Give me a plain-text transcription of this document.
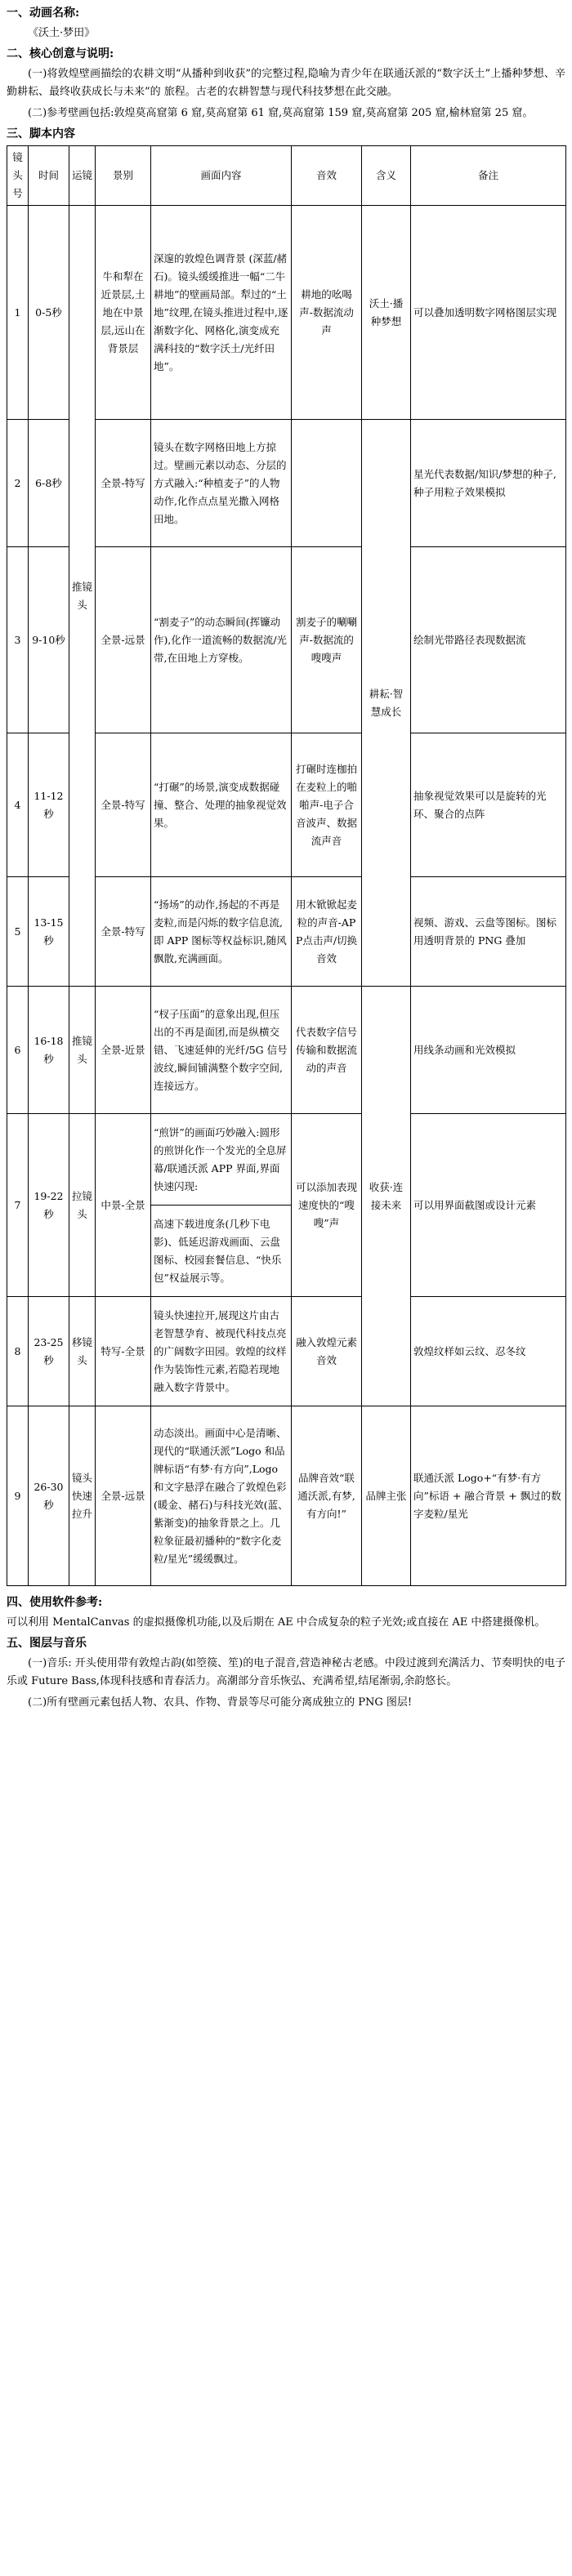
一、动画名称:

《沃土·梦田》

二、核心创意与说明:

(一)将敦煌壁画描绘的农耕文明“从播种到收获”的完整过程,隐喻为青少年在联通沃派的“数字沃土”上播种梦想、辛勤耕耘、最终收获成长与未来”的 旅程。古老的农耕智慧与现代科技梦想在此交融。

(二)参考壁画包括:敦煌莫高窟第 6 窟,莫高窟第 61 窟,莫高窟第 159 窟,莫高窟第 205 窟,榆林窟第 25 窟。

三、脚本内容
镜头号	时间	运镜	景别	画面内容	音效	含义	备注
1	0-5秒	推镜头	牛和犁在近景层,土地在中景层,远山在背景层	深邃的敦煌色调背景 (深蓝/赭石)。镜头缓缓推进一幅“二牛耕地”的壁画局部。犁过的“土地”纹理,在镜头推进过程中,逐渐数字化、网格化,演变成充满科技的“数字沃土/光纤田地”。	耕地的吆喝声-数据流动声	沃土·播种梦想	可以叠加透明数字网格图层实现
2	6-8秒		全景-特写	镜头在数字网格田地上方掠过。壁画元素以动态、分层的方式融入:“种植麦子”的人物动作,化作点点星光撒入网格田地。		耕耘·智慧成长	星光代表数据/知识/梦想的种子,种子用粒子效果模拟
3	9-10秒		全景-远景	“割麦子”的动态瞬间(挥镰动作),化作一道流畅的数据流/光带,在田地上方穿梭。	割麦子的唰唰声-数据流的嗖嗖声		绘制光带路径表现数据流
4	11-12秒		全景-特写	“打碾”的场景,演变成数据碰撞、整合、处理的抽象视觉效果。	打碾时连枷拍在麦粒上的啪啪声-电子合音波声、数据流声音		抽象视觉效果可以是旋转的光环、聚合的点阵
5	13-15秒		全景-特写	“扬场”的动作,扬起的不再是麦粒,而是闪烁的数字信息流,即 APP 图标等权益标识,随风飘散,充满画面。	用木锨锨起麦粒的声音-APP点击声/切换音效		视频、游戏、云盘等图标。图标用透明背景的 PNG 叠加
6	16-18秒	推镜头	全景-近景	“杈子压面”的意象出现,但压出的不再是面团,而是纵横交错、飞速延伸的光纤/5G 信号波纹,瞬间铺满整个数字空间,连接远方。	代表数字信号传输和数据流动的声音	收获·连接未来	用线条动画和光效模拟
7	19-22秒	拉镜头	中景-全景	“煎饼”的画面巧妙融入:圆形的煎饼化作一个发光的全息屏幕/联通沃派 APP 界面,界面快速闪现:	可以添加表现速度快的“嗖嗖”声		可以用界面截图或设计元素
				高速下载进度条(几秒下电影)、低延迟游戏画面、云盘图标、校园套餐信息、“快乐包”权益展示等。			
8	23-25秒	移镜头	特写-全景	镜头快速拉开,展现这片由古老智慧孕育、被现代科技点亮的广阔数字田园。敦煌的纹样作为装饰性元素,若隐若现地融入数字背景中。	融入敦煌元素音效		敦煌纹样如云纹、忍冬纹
9	26-30秒	镜头快速拉升	全景-远景	动态淡出。画面中心是清晰、现代的“联通沃派”Logo 和品牌标语“有梦·有方向”,Logo 和文字悬浮在融合了敦煌色彩(暖金、赭石)与科技光效(蓝、紫渐变)的抽象背景之上。几粒象征最初播种的“数字化麦粒/星光”缓缓飘过。	品牌音效“联通沃派,有梦,有方向!”	品牌主张	联通沃派 Logo+“有梦·有方向”标语 + 融合背景 + 飘过的数字麦粒/星光
四、使用软件参考:

可以利用 MentalCanvas 的虚拟摄像机功能,以及后期在 AE 中合成复杂的粒子光效;或直接在 AE 中搭建摄像机。

五、图层与音乐

(一)音乐: 开头使用带有敦煌古韵(如箜篌、笙)的电子混音,营造神秘古老感。中段过渡到充满活力、节奏明快的电子乐或 Future Bass,体现科技感和青春活力。高潮部分音乐恢弘、充满希望,结尾渐弱,余韵悠长。

(二)所有壁画元素包括人物、农具、作物、背景等尽可能分离成独立的 PNG 图层!
